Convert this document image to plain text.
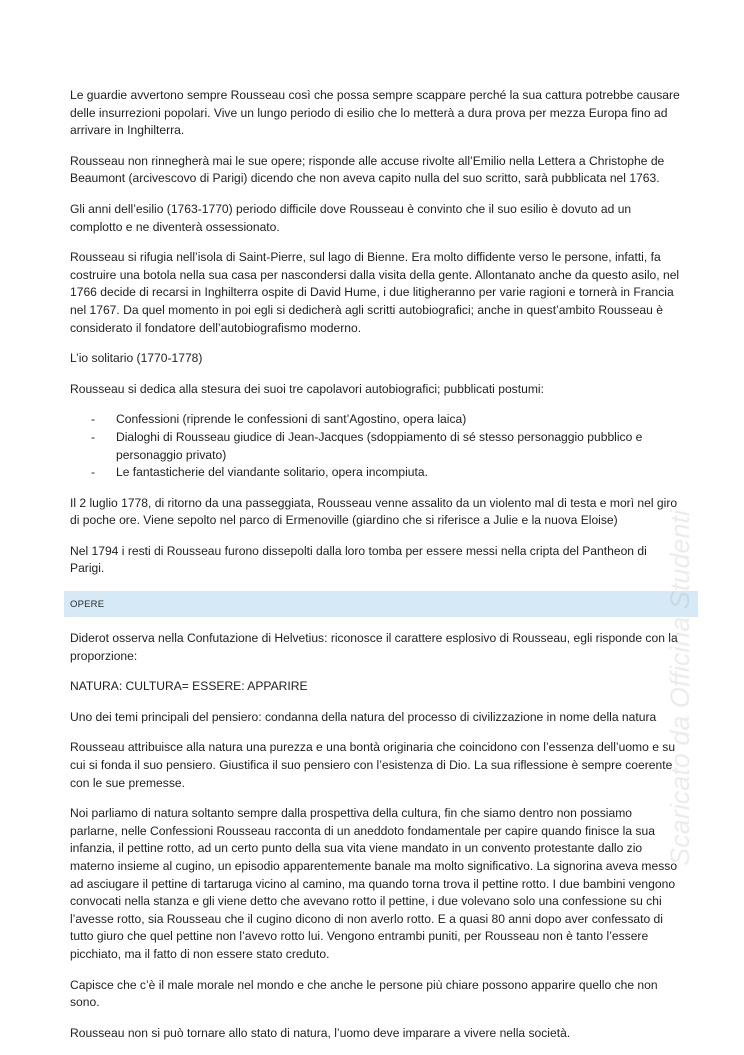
Le guardie avvertono sempre Rousseau così che possa sempre scappare perché la sua cattura potrebbe causare delle insurrezioni popolari. Vive un lungo periodo di esilio che lo metterà a dura prova per mezza Europa fino ad arrivare in Inghilterra.

Rousseau non rinnegherà mai le sue opere; risponde alle accuse rivolte all’Emilio nella Lettera a Christophe de Beaumont (arcivescovo di Parigi) dicendo che non aveva capito nulla del suo scritto, sarà pubblicata nel 1763.

Gli anni dell’esilio (1763-1770) periodo difficile dove Rousseau è convinto che il suo esilio è dovuto ad un complotto e ne diventerà ossessionato.

Rousseau si rifugia nell’isola di Saint-Pierre, sul lago di Bienne. Era molto diffidente verso le persone, infatti, fa costruire una botola nella sua casa per nascondersi dalla visita della gente. Allontanato anche da questo asilo, nel 1766 decide di recarsi in Inghilterra ospite di David Hume, i due litigheranno per varie ragioni e tornerà in Francia nel 1767. Da quel momento in poi egli si dedicherà agli scritti autobiografici; anche in quest’ambito Rousseau è considerato il fondatore dell’autobiografismo moderno.

L’io solitario (1770-1778)

Rousseau si dedica alla stesura dei suoi tre capolavori autobiografici; pubblicati postumi:

- Confessioni (riprende le confessioni di sant’Agostino, opera laica)
- Dialoghi di Rousseau giudice di Jean-Jacques (sdoppiamento di sé stesso personaggio pubblico e personaggio privato)
- Le fantasticherie del viandante solitario, opera incompiuta.

Il 2 luglio 1778, di ritorno da una passeggiata, Rousseau venne assalito da un violento mal di testa e morì nel giro di poche ore. Viene sepolto nel parco di Ermenoville (giardino che si riferisce a Julie e la nuova Eloise)

Nel 1794 i resti di Rousseau furono dissepolti dalla loro tomba per essere messi nella cripta del Pantheon di Parigi.

OPERE

Diderot osserva nella Confutazione di Helvetius: riconosce il carattere esplosivo di Rousseau, egli risponde con la proporzione:

NATURA: CULTURA= ESSERE: APPARIRE

Uno dei temi principali del pensiero: condanna della natura del processo di civilizzazione in nome della natura

Rousseau attribuisce alla natura una purezza e una bontà originaria che coincidono con l’essenza dell’uomo e su cui si fonda il suo pensiero. Giustifica il suo pensiero con l’esistenza di Dio. La sua riflessione è sempre coerente con le sue premesse.

Noi parliamo di natura soltanto sempre dalla prospettiva della cultura, fin che siamo dentro non possiamo parlarne, nelle Confessioni Rousseau racconta di un aneddoto fondamentale per capire quando finisce la sua infanzia, il pettine rotto, ad un certo punto della sua vita viene mandato in un convento protestante dallo zio materno insieme al cugino, un episodio apparentemente banale ma molto significativo. La signorina aveva messo ad asciugare il pettine di tartaruga vicino al camino, ma quando torna trova il pettine rotto. I due bambini vengono convocati nella stanza e gli viene detto che avevano rotto il pettine, i due volevano solo una confessione su chi l’avesse rotto, sia Rousseau che il cugino dicono di non averlo rotto. E a quasi 80 anni dopo aver confessato di tutto giuro che quel pettine non l’avevo rotto lui. Vengono entrambi puniti, per Rousseau non è tanto l’essere picchiato, ma il fatto di non essere stato creduto.

Capisce che c’è il male morale nel mondo e che anche le persone più chiare possono apparire quello che non sono.

Rousseau non si può tornare allo stato di natura, l’uomo deve imparare a vivere nella società.

Scaricato da Officina Studenti
